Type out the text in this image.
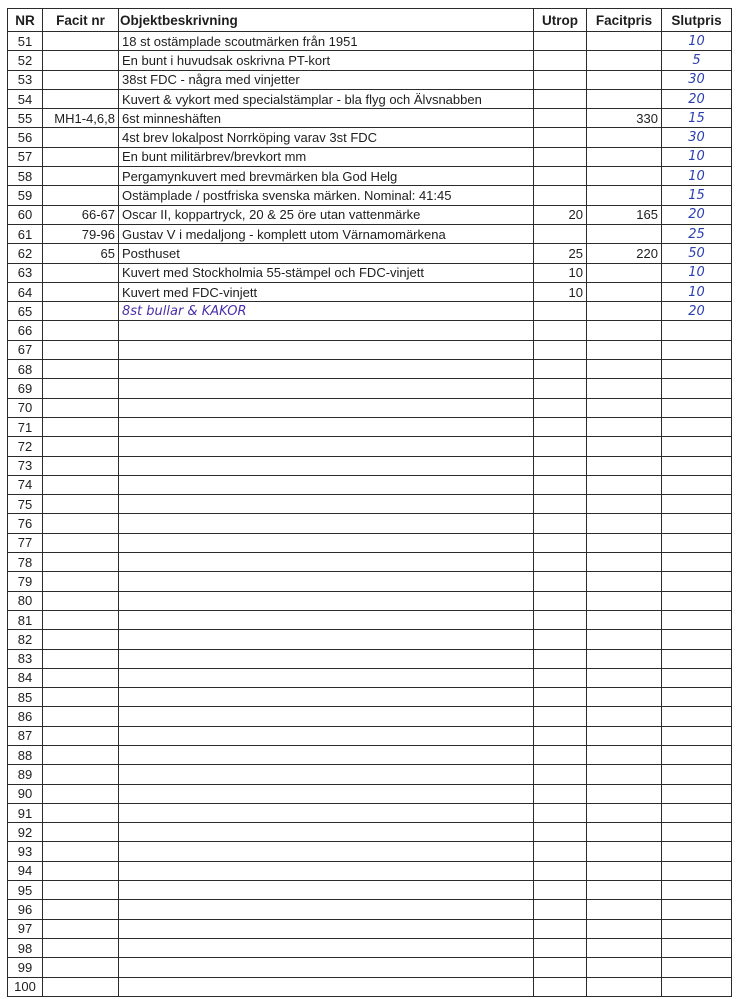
NR	Facit nr	Objektbeskrivning	Utrop	Facitpris	Slutpris
51		18 st ostämplade scoutmärken från 1951			10
52		En bunt i huvudsak oskrivna PT-kort			5
53		38st FDC - några med vinjetter			30
54		Kuvert & vykort med specialstämplar - bla flyg och Älvsnabben			20
55	MH1-4,6,8	6st minneshäften		330	15
56		4st brev lokalpost Norrköping varav 3st FDC			30
57		En bunt militärbrev/brevkort mm			10
58		Pergamynkuvert med brevmärken bla God Helg			10
59		Ostämplade / postfriska svenska märken. Nominal: 41:45			15
60	66-67	Oscar II, koppartryck, 20 & 25 öre utan vattenmärke	20	165	20
61	79-96	Gustav V i medaljong - komplett utom Värnamomärkena			25
62	65	Posthuset	25	220	50
63		Kuvert med Stockholmia 55-stämpel och FDC-vinjett	10		10
64		Kuvert med FDC-vinjett	10		10
65		8st bullar & KAKOR			20
66					
67					
68					
69					
70					
71					
72					
73					
74					
75					
76					
77					
78					
79					
80					
81					
82					
83					
84					
85					
86					
87					
88					
89					
90					
91					
92					
93					
94					
95					
96					
97					
98					
99					
100					
